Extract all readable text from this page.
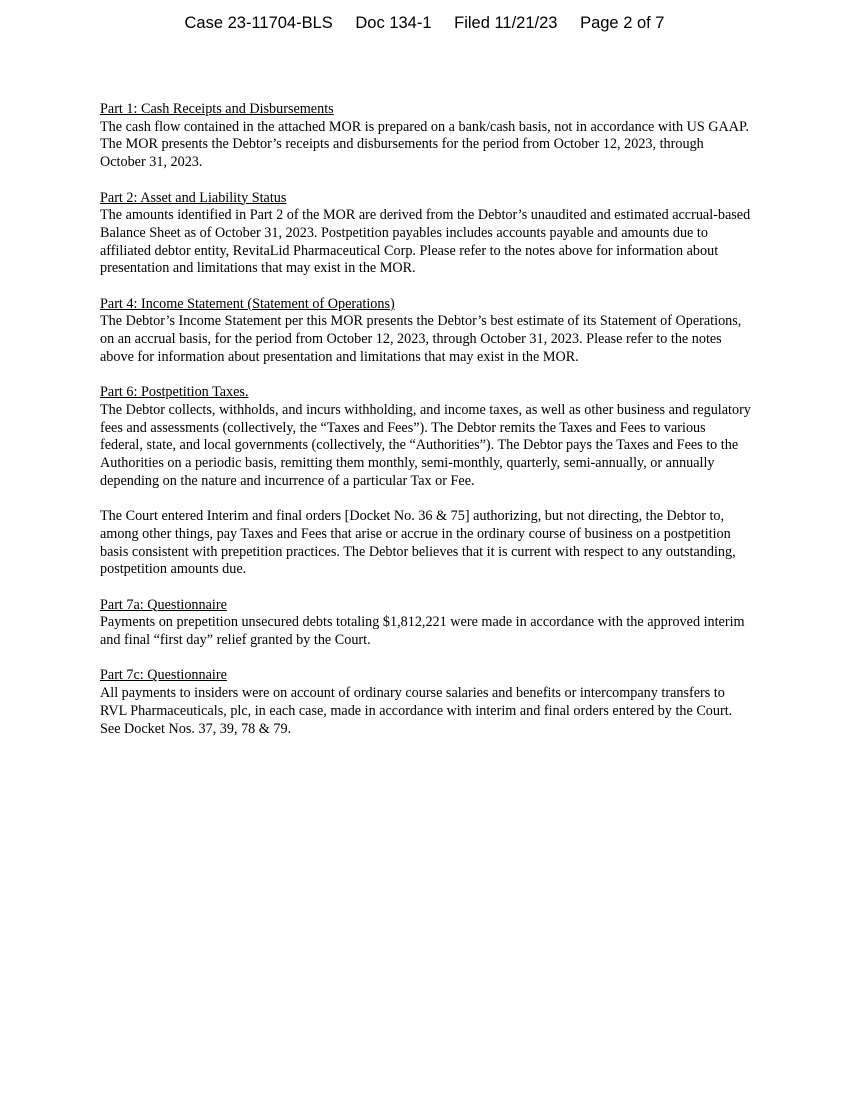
Case 23-11704-BLS Doc 134-1 Filed 11/21/23 Page 2 of 7
Part 1: Cash Receipts and Disbursements
The cash flow contained in the attached MOR is prepared on a bank/cash basis, not in accordance with US GAAP. The MOR presents the Debtor’s receipts and disbursements for the period from October 12, 2023, through October 31, 2023.
Part 2: Asset and Liability Status
The amounts identified in Part 2 of the MOR are derived from the Debtor’s unaudited and estimated accrual-based Balance Sheet as of October 31, 2023. Postpetition payables includes accounts payable and amounts due to affiliated debtor entity, RevitaLid Pharmaceutical Corp. Please refer to the notes above for information about presentation and limitations that may exist in the MOR.
Part 4: Income Statement (Statement of Operations)
The Debtor’s Income Statement per this MOR presents the Debtor’s best estimate of its Statement of Operations, on an accrual basis, for the period from October 12, 2023, through October 31, 2023. Please refer to the notes above for information about presentation and limitations that may exist in the MOR.
Part 6: Postpetition Taxes.
The Debtor collects, withholds, and incurs withholding, and income taxes, as well as other business and regulatory fees and assessments (collectively, the “Taxes and Fees”). The Debtor remits the Taxes and Fees to various federal, state, and local governments (collectively, the “Authorities”). The Debtor pays the Taxes and Fees to the Authorities on a periodic basis, remitting them monthly, semi-monthly, quarterly, semi-annually, or annually depending on the nature and incurrence of a particular Tax or Fee.
The Court entered Interim and final orders [Docket No. 36 & 75] authorizing, but not directing, the Debtor to, among other things, pay Taxes and Fees that arise or accrue in the ordinary course of business on a postpetition basis consistent with prepetition practices. The Debtor believes that it is current with respect to any outstanding, postpetition amounts due.
Part 7a: Questionnaire
Payments on prepetition unsecured debts totaling $1,812,221 were made in accordance with the approved interim and final “first day” relief granted by the Court.
Part 7c: Questionnaire
All payments to insiders were on account of ordinary course salaries and benefits or intercompany transfers to RVL Pharmaceuticals, plc, in each case, made in accordance with interim and final orders entered by the Court. See Docket Nos. 37, 39, 78 & 79.
